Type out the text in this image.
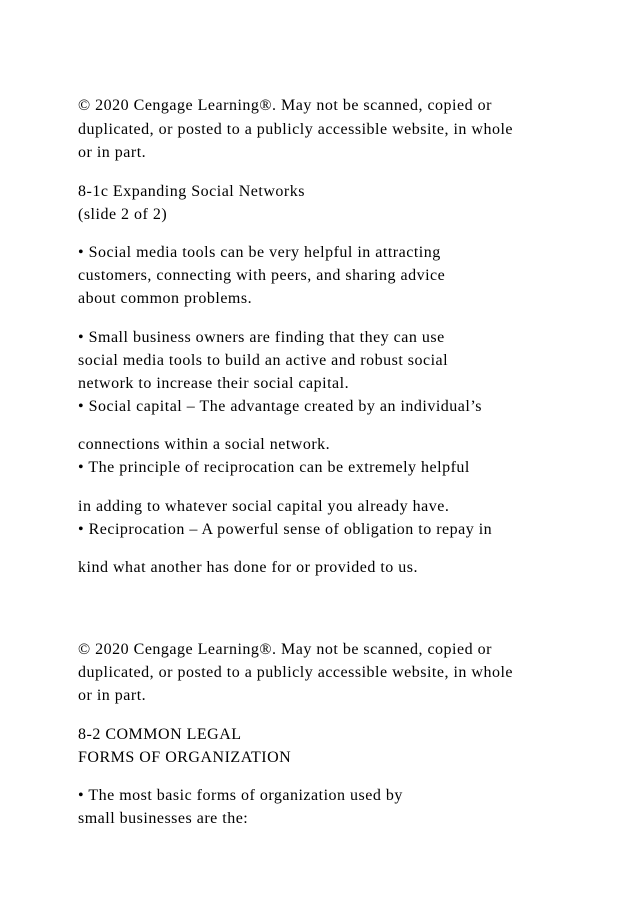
© 2020 Cengage Learning®. May not be scanned, copied or

duplicated, or posted to a publicly accessible website, in whole

or in part.

8-1c Expanding Social Networks

(slide 2 of 2)

• Social media tools can be very helpful in attracting

customers, connecting with peers, and sharing advice

about common problems.

• Small business owners are finding that they can use

social media tools to build an active and robust social

network to increase their social capital.

• Social capital – The advantage created by an individual’s

connections within a social network.

• The principle of reciprocation can be extremely helpful

in adding to whatever social capital you already have.

• Reciprocation – A powerful sense of obligation to repay in

kind what another has done for or provided to us.

© 2020 Cengage Learning®. May not be scanned, copied or

duplicated, or posted to a publicly accessible website, in whole

or in part.

8-2 COMMON LEGAL

FORMS OF ORGANIZATION

• The most basic forms of organization used by

small businesses are the:
